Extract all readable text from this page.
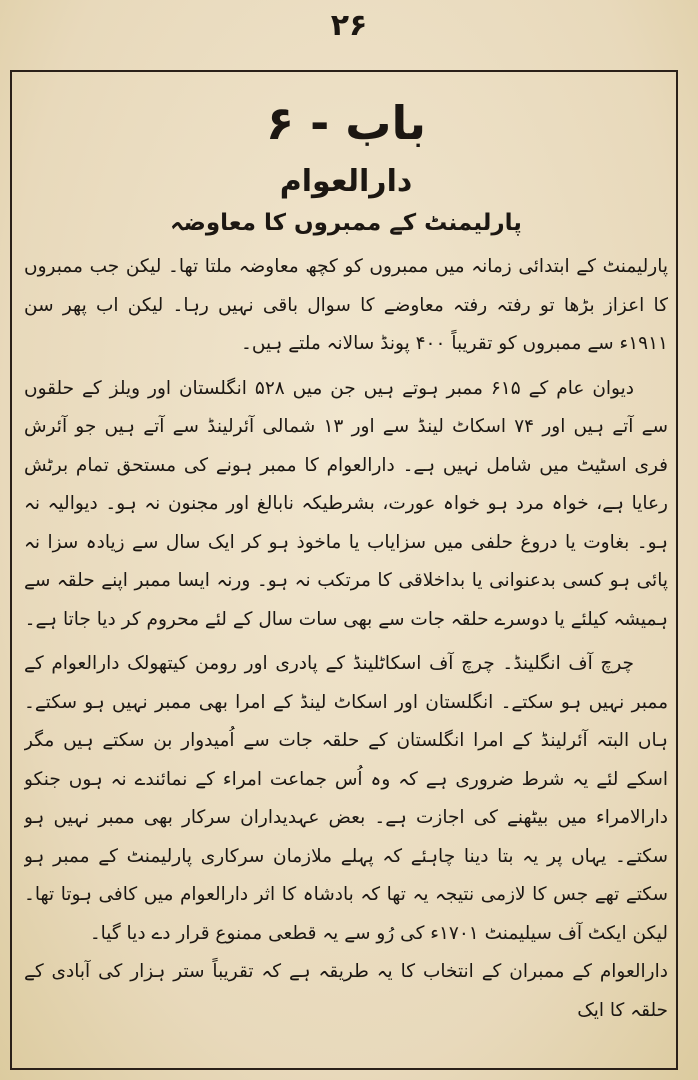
۲۶
باب - ۶
دارالعوام
پارلیمنٹ کے ممبروں کا معاوضہ

پارلیمنٹ کے ابتدائی زمانہ میں ممبروں کو کچھ معاوضہ ملتا تھا۔ لیکن جب ممبروں کا اعزاز بڑھا تو رفتہ رفتہ معاوضے کا سوال باقی نہیں رہا۔ لیکن اب پھر سن ۱۹۱۱ء سے ممبروں کو تقریباً ۴۰۰ پونڈ سالانہ ملتے ہیں۔

دیوان عام کے ۶۱۵ ممبر ہوتے ہیں جن میں ۵۲۸ انگلستان اور ویلز کے حلقوں سے آتے ہیں اور ۷۴ اسکاٹ لینڈ سے اور ۱۳ شمالی آئرلینڈ سے آتے ہیں جو آئرش فری اسٹیٹ میں شامل نہیں ہے۔ دارالعوام کا ممبر ہونے کی مستحق تمام برٹش رعایا ہے، خواہ مرد ہو خواہ عورت، بشرطیکہ نابالغ اور مجنون نہ ہو۔ دیوالیہ نہ ہو۔ بغاوت یا دروغ حلفی میں سزایاب یا ماخوذ ہو کر ایک سال سے زیادہ سزا نہ پائی ہو کسی بدعنوانی یا بداخلاقی کا مرتکب نہ ہو۔ ورنہ ایسا ممبر اپنے حلقہ سے ہمیشہ کیلئے یا دوسرے حلقہ جات سے بھی سات سال کے لئے محروم کر دیا جاتا ہے۔

چرچ آف انگلینڈ۔ چرچ آف اسکاٹلینڈ کے پادری اور رومن کیتھولک دارالعوام کے ممبر نہیں ہو سکتے۔ انگلستان اور اسکاٹ لینڈ کے امرا بھی ممبر نہیں ہو سکتے۔ ہاں البتہ آئرلینڈ کے امرا انگلستان کے حلقہ جات سے اُمیدوار بن سکتے ہیں مگر اسکے لئے یہ شرط ضروری ہے کہ وہ اُس جماعت امراء کے نمائندے نہ ہوں جنکو دارالامراء میں بیٹھنے کی اجازت ہے۔ بعض عہدیداران سرکار بھی ممبر نہیں ہو سکتے۔ یہاں پر یہ بتا دینا چاہئے کہ پہلے ملازمان سرکاری پارلیمنٹ کے ممبر ہو سکتے تھے جس کا لازمی نتیجہ یہ تھا کہ بادشاہ کا اثر دارالعوام میں کافی ہوتا تھا۔ لیکن ایکٹ آف سیلیمنٹ ۱۷۰۱ء کی رُو سے یہ قطعی ممنوع قرار دے دیا گیا۔

دارالعوام کے ممبران کے انتخاب کا یہ طریقہ ہے کہ تقریباً ستر ہزار کی آبادی کے حلقہ کا ایک
